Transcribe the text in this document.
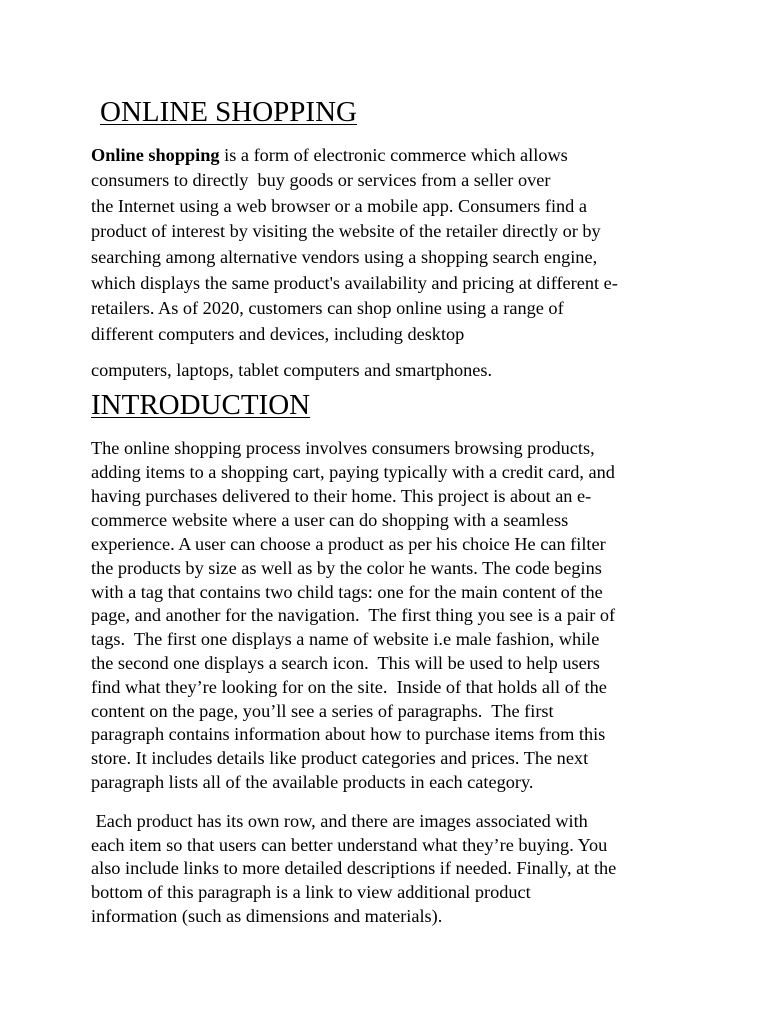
ONLINE SHOPPING
Online shopping is a form of electronic commerce which allows
consumers to directly  buy goods or services from a seller over
the Internet using a web browser or a mobile app. Consumers find a
product of interest by visiting the website of the retailer directly or by
searching among alternative vendors using a shopping search engine,
which displays the same product's availability and pricing at different e-
retailers. As of 2020, customers can shop online using a range of
different computers and devices, including desktop
computers, laptops, tablet computers and smartphones.
INTRODUCTION
The online shopping process involves consumers browsing products,
adding items to a shopping cart, paying typically with a credit card, and
having purchases delivered to their home. This project is about an e-
commerce website where a user can do shopping with a seamless
experience. A user can choose a product as per his choice He can filter
the products by size as well as by the color he wants. The code begins
with a tag that contains two child tags: one for the main content of the
page, and another for the navigation.  The first thing you see is a pair of
tags.  The first one displays a name of website i.e male fashion, while
the second one displays a search icon.  This will be used to help users
find what they’re looking for on the site.  Inside of that holds all of the
content on the page, you’ll see a series of paragraphs.  The first
paragraph contains information about how to purchase items from this
store. It includes details like product categories and prices. The next
paragraph lists all of the available products in each category.
Each product has its own row, and there are images associated with
each item so that users can better understand what they’re buying. You
also include links to more detailed descriptions if needed. Finally, at the
bottom of this paragraph is a link to view additional product
information (such as dimensions and materials).
